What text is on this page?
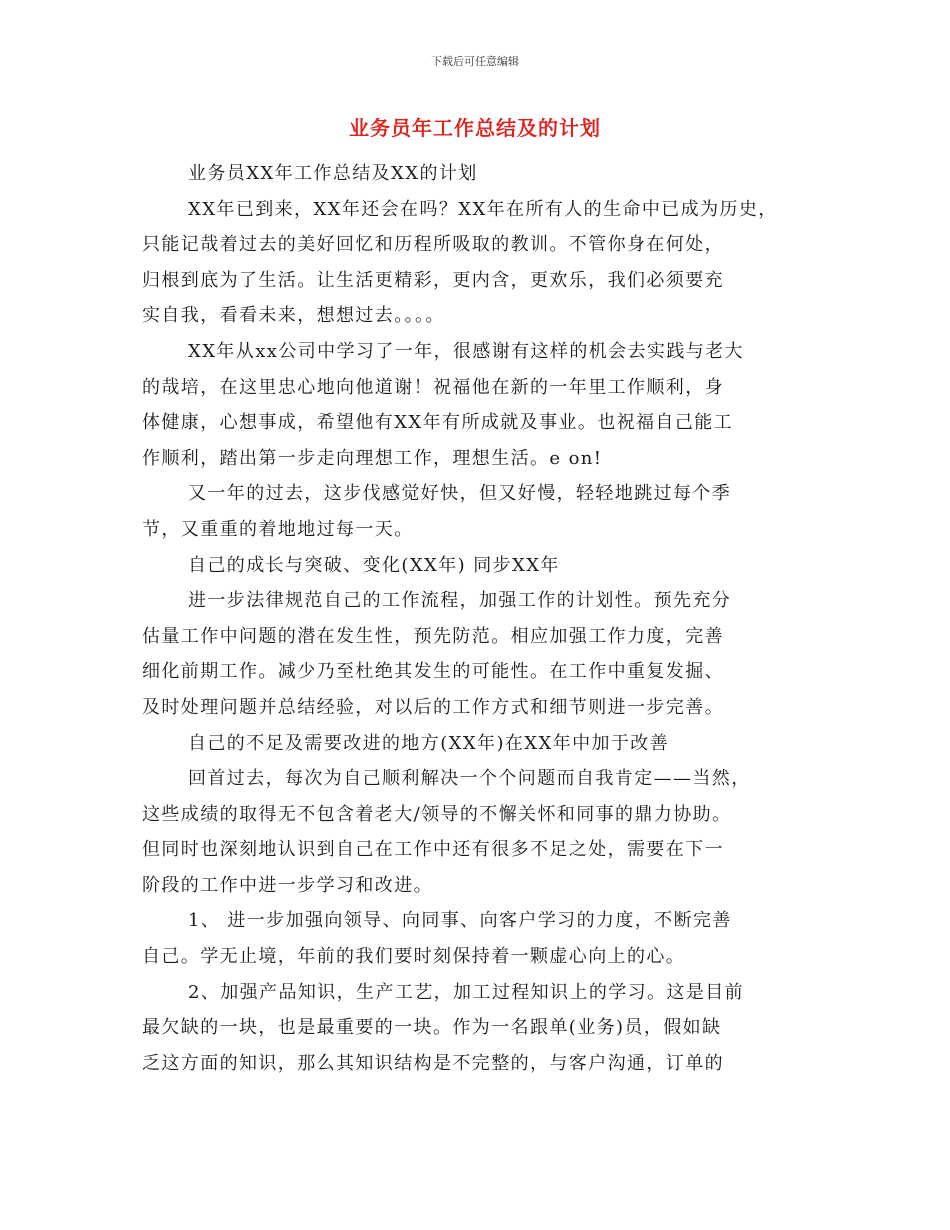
下载后可任意编辑
业务员年工作总结及的计划
业务员XX年工作总结及XX的计划
XX年已到来，XX年还会在吗？XX年在所有人的生命中已成为历史，
只能记哉着过去的美好回忆和历程所吸取的教训。不管你身在何处，
归根到底为了生活。让生活更精彩，更内含，更欢乐，我们必须要充
实自我，看看未来，想想过去。。。。
XX年从xx公司中学习了一年，很感谢有这样的机会去实践与老大
的哉培，在这里忠心地向他道谢！祝福他在新的一年里工作顺利，身
体健康，心想事成，希望他有XX年有所成就及事业。也祝福自己能工
作顺利，踏出第一步走向理想工作，理想生活。e on!
又一年的过去，这步伐感觉好快，但又好慢，轻轻地跳过每个季
节，又重重的着地地过每一天。
自己的成长与突破、变化(XX年) 同步XX年
进一步法律规范自己的工作流程，加强工作的计划性。预先充分
估量工作中问题的潜在发生性，预先防范。相应加强工作力度，完善
细化前期工作。减少乃至杜绝其发生的可能性。在工作中重复发掘、
及时处理问题并总结经验，对以后的工作方式和细节则进一步完善。
自己的不足及需要改进的地方(XX年)在XX年中加于改善
回首过去，每次为自己顺利解决一个个问题而自我肯定——当然，
这些成绩的取得无不包含着老大/领导的不懈关怀和同事的鼎力协助。
但同时也深刻地认识到自己在工作中还有很多不足之处，需要在下一
阶段的工作中进一步学习和改进。
1、 进一步加强向领导、向同事、向客户学习的力度，不断完善
自己。学无止境，年前的我们要时刻保持着一颗虚心向上的心。
2、加强产品知识，生产工艺，加工过程知识上的学习。这是目前
最欠缺的一块，也是最重要的一块。作为一名跟单(业务)员，假如缺
乏这方面的知识，那么其知识结构是不完整的，与客户沟通，订单的
